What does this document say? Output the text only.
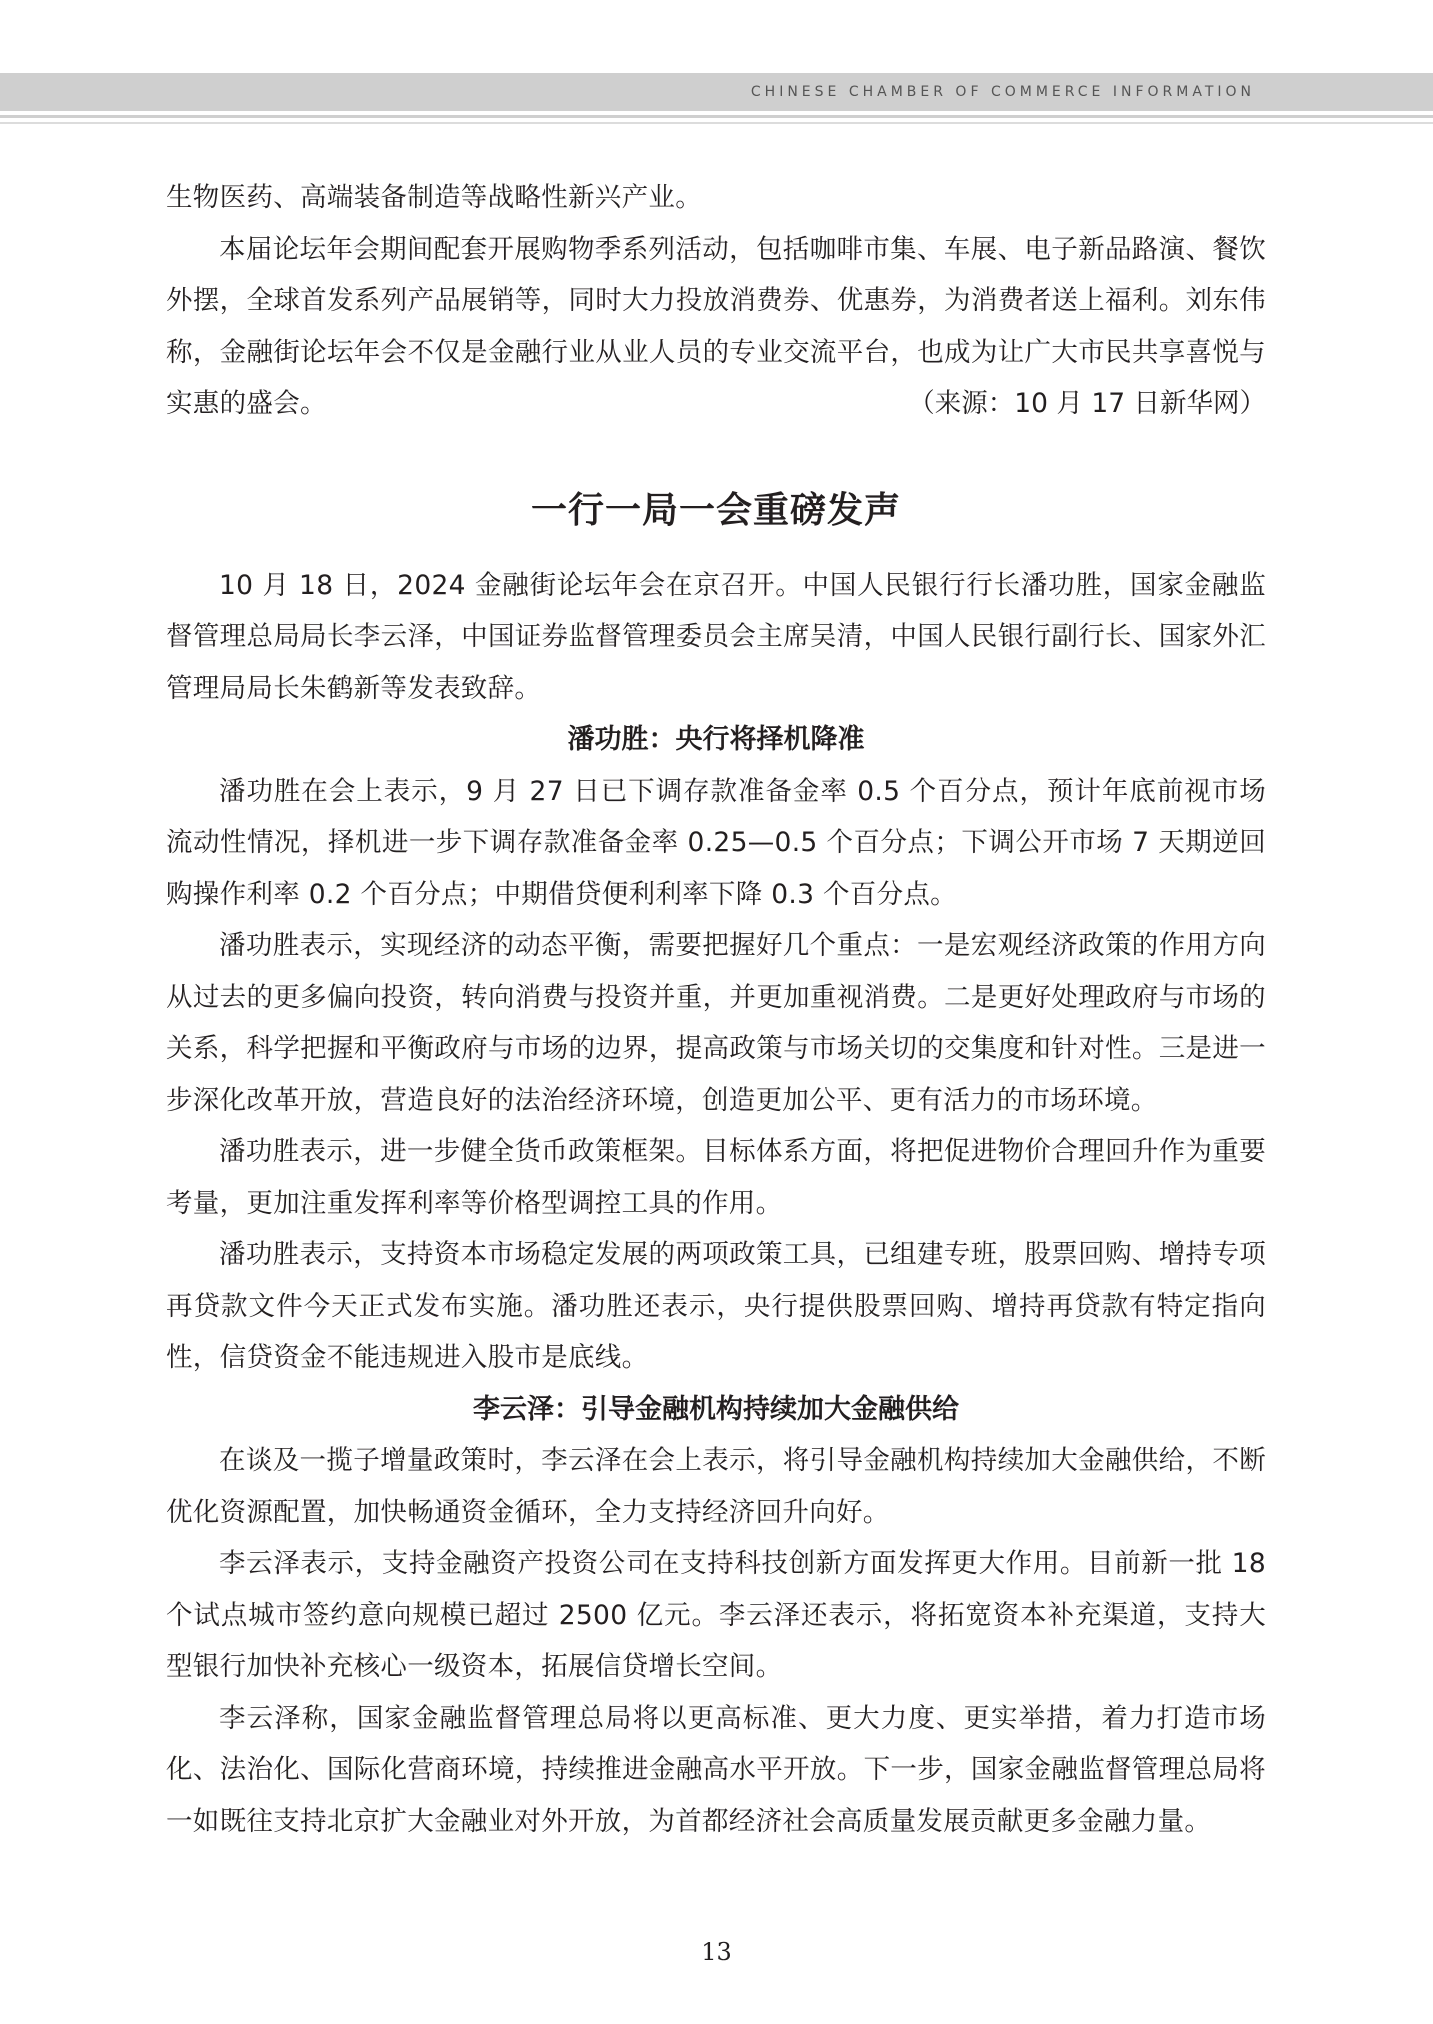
CHINESE CHAMBER OF COMMERCE INFORMATION

生物医药、高端装备制造等战略性新兴产业。

本届论坛年会期间配套开展购物季系列活动，包括咖啡市集、车展、电子新品路演、餐饮外摆，全球首发系列产品展销等，同时大力投放消费券、优惠券，为消费者送上福利。刘东伟称，金融街论坛年会不仅是金融行业从业人员的专业交流平台，也成为让广大市民共享喜悦与实惠的盛会。	（来源：10 月 17 日新华网）

一行一局一会重磅发声

10 月 18 日，2024 金融街论坛年会在京召开。中国人民银行行长潘功胜，国家金融监督管理总局局长李云泽，中国证券监督管理委员会主席吴清，中国人民银行副行长、国家外汇管理局局长朱鹤新等发表致辞。

潘功胜：央行将择机降准

潘功胜在会上表示，9 月 27 日已下调存款准备金率 0.5 个百分点，预计年底前视市场流动性情况，择机进一步下调存款准备金率 0.25—0.5 个百分点；下调公开市场 7 天期逆回购操作利率 0.2 个百分点；中期借贷便利利率下降 0.3 个百分点。

潘功胜表示，实现经济的动态平衡，需要把握好几个重点：一是宏观经济政策的作用方向从过去的更多偏向投资，转向消费与投资并重，并更加重视消费。二是更好处理政府与市场的关系，科学把握和平衡政府与市场的边界，提高政策与市场关切的交集度和针对性。三是进一步深化改革开放，营造良好的法治经济环境，创造更加公平、更有活力的市场环境。

潘功胜表示，进一步健全货币政策框架。目标体系方面，将把促进物价合理回升作为重要考量，更加注重发挥利率等价格型调控工具的作用。

潘功胜表示，支持资本市场稳定发展的两项政策工具，已组建专班，股票回购、增持专项再贷款文件今天正式发布实施。潘功胜还表示，央行提供股票回购、增持再贷款有特定指向性，信贷资金不能违规进入股市是底线。

李云泽：引导金融机构持续加大金融供给

在谈及一揽子增量政策时，李云泽在会上表示，将引导金融机构持续加大金融供给，不断优化资源配置，加快畅通资金循环，全力支持经济回升向好。

李云泽表示，支持金融资产投资公司在支持科技创新方面发挥更大作用。目前新一批 18 个试点城市签约意向规模已超过 2500 亿元。李云泽还表示，将拓宽资本补充渠道，支持大型银行加快补充核心一级资本，拓展信贷增长空间。

李云泽称，国家金融监督管理总局将以更高标准、更大力度、更实举措，着力打造市场化、法治化、国际化营商环境，持续推进金融高水平开放。下一步，国家金融监督管理总局将一如既往支持北京扩大金融业对外开放，为首都经济社会高质量发展贡献更多金融力量。

13
